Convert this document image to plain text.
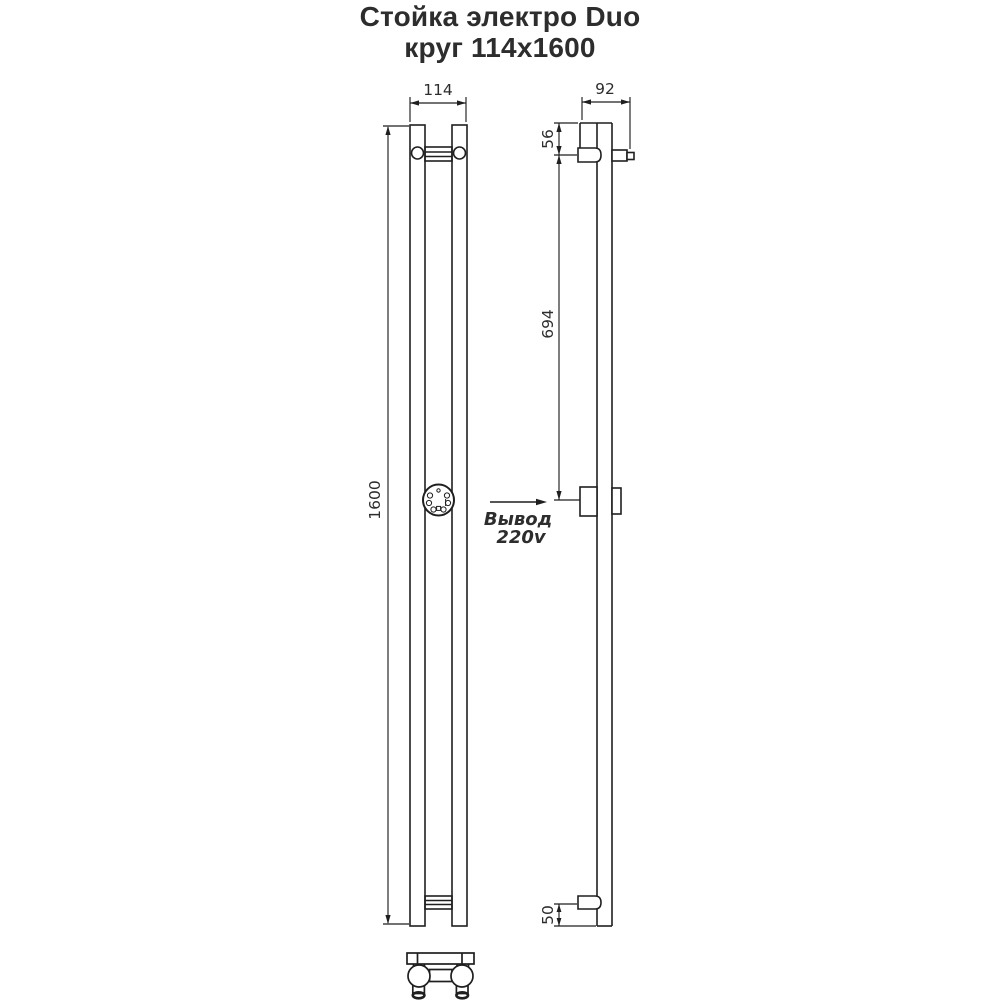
Стойка электро Duo
круг 114x1600
114
1600
92
56
694
50
Вывод
220v
